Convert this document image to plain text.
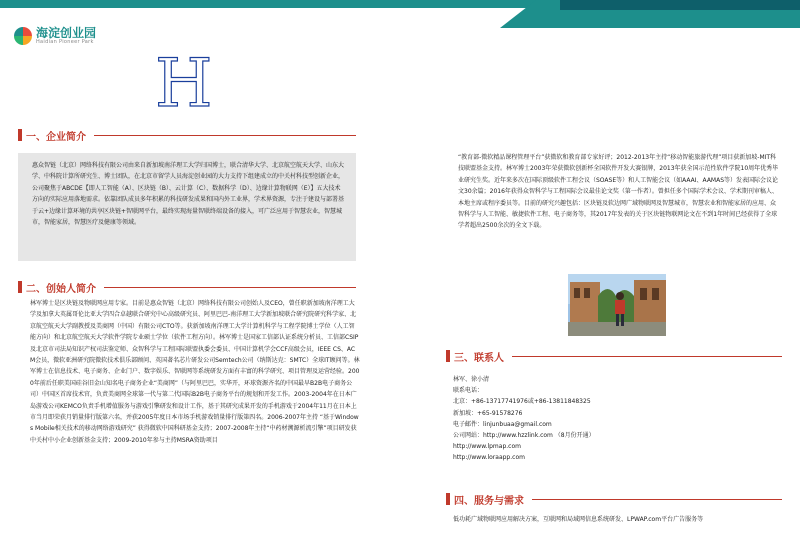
海淀创业园
Haidian Pioneer Park
H
一、企业简介

惠众智链（北京）网络科技有限公司由来自新加坡南洋理工大学归国博士，联合清华大学、北京航空航天大学、山东大学、中科院计算所研究生、博士团队，在北京市留学人员海淀创业园的大力支持下组建成立的中关村科技型创新企业，公司聚焦于ABCDE【即人工智能（A）、区块链（B）、云计算（C）、数据科学（D）、边缘计算物联网（E）】五大技术方向的实际应用落地需求。依靠团队成员多年积累的科技研发成果和国内外工业界，学术界资源，专注于建设与部署基于云+边缘计算环境的共享区块链+智联网平台，最终实现海量智联终端设备的接入，可广泛应用于智慧农业，智慧城市，智能家居，智慧医疗及健康等领域。

二、创始人简介

林军博士是区块链及物联网应用专家。目前是惠众智链（北京）网络科技有限公司创始人及CEO，曾任职新加坡南洋理工大学及加拿大英属哥伦比亚大学四合卓越联合研究中心高级研究员、阿里巴巴-南洋理工大学新加坡联合研究院研究科学家、北京航空航天大学副教授及美商网（中国）有限公司CTO等。获新加坡南洋理工大学计算机科学与工程学院博士学位（人工智能方向）和北京航空航天大学软件学院专业硕士学位（软件工程方向）。林军博士是国家工信部认证系统分析员、工信部CSIP及北京市司法局知识产权司法鉴定师、众智科学与工程国际联盟执委会委员、中国计算机学会CCF高级会员，IEEE CS、ACM会员，微软亚洲研究院微软技术俱乐部顾问、英国著名芯片研发公司Semtech公司（纳斯达克：SMTC）全球IT顾问等。林军博士在信息技术、电子商务、企业门户、数字娱乐、智联网等系统研发方面有丰富的科学研究、项目管理及运营经验。2000年前后任职美国硅谷旧金山知名电子商务企业“美商网”（与阿里巴巴，实华开，环球资源齐名的中国最早B2B电子商务公司）中国区首席技术官，负责美商网全球第一代与第二代国际B2B电子商务平台的规划和开发工作。2003-2004年在日本广岛游戏公司KEMCO负责手机增值服务与游戏引擎研发和设计工作，基于其研究成果开发的手机游戏于2004年11月在日本上市当月即荣获月销量排行版第六名，并获2005年度日本市场手机游戏销量排行版第四名。2006-2007年主持 “基于Windows Mobile相关技术的移动网络游戏研究” 获得微软中国科研基金支持；2007-2008年主持“中药材溯源析流引擎”项目研发获中关村中小企业创新基金支持；2009-2010年参与主持MSRA资助项目

“教育部-微软精品课程管理平台”获微软和教育部专家好评；2012-2013年主持“移动智能旅游代理”项目获新加坡-MIT科技联盟基金支持。林军博士2003年荣获微软创新杯全国软件开发大赛银牌，2013年获全国示范性软件学院10周年优秀毕业研究生奖。近年来多次在国际顶级软件工程会议（SOASE等）和人工智能会议（如AAAI、AAMAS等）发表国际会议论文30余篇；2016年获得众智科学与工程国际会议最佳论文奖（第一作者）。曾担任多个国际学术会议、学术期刊审稿人、本地主席或程序委员等。目前的研究兴趣包括：区块链及软边网广域物联网及智慧城市，智慧农业和智能家居的应用、众智科学与人工智能、敏捷软件工程、电子商务等，其2017年发表的关于区块链物联网论文在不到1年时间已经获得了全球学者超出2500余次的全文下载。

三、联系人
林军、徐小清
联系电话：
北京：+86-13717741976或+86-13811848325
新加坡：+65-91578276
电子邮件：linjunbuaa@gmail.com
公司网站：http://www.hzzlink.com （8月份开通）
http://www.lpmap.com
http://www.loraapp.com
四、服务与需求

低功耗广域物联网应用解决方案，互联网和局域网信息系统研发、LPWAP.com平台广告服务等
